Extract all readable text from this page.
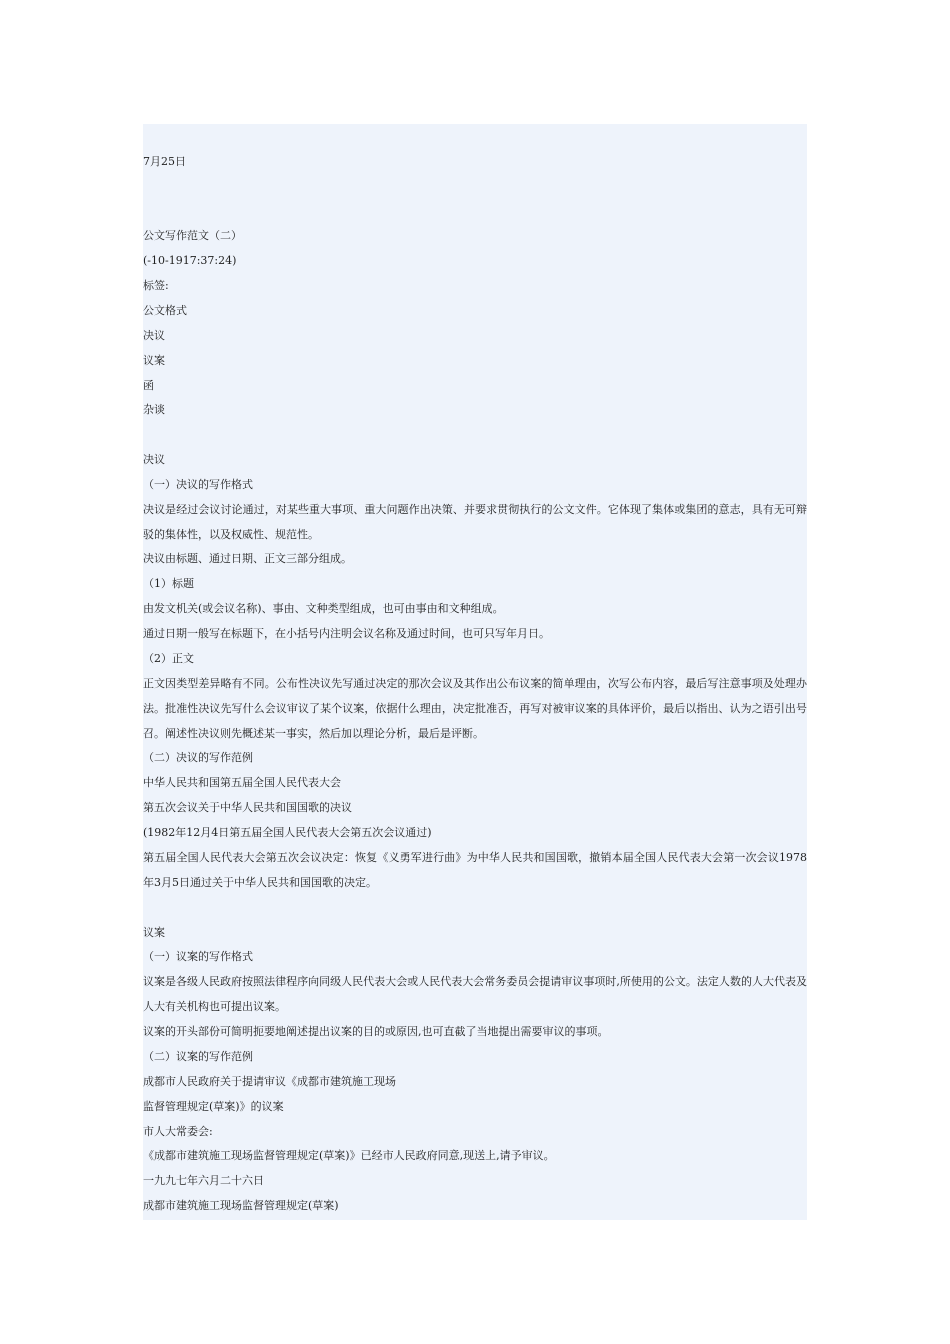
7月25日
公文写作范文（二）
(-10-1917:37:24)
标签:
公文格式
决议
议案
函
杂谈
决议
（一）决议的写作格式
决议是经过会议讨论通过，对某些重大事项、重大问题作出决策、并要求贯彻执行的公文文件。它体现了集体或集团的意志，具有无可辩驳的集体性，以及权威性、规范性。
决议由标题、通过日期、正文三部分组成。
（1）标题
由发文机关(或会议名称)、事由、文种类型组成，也可由事由和文种组成。
通过日期一般写在标题下，在小括号内注明会议名称及通过时间，也可只写年月日。
（2）正文
正文因类型差异略有不同。公布性决议先写通过决定的那次会议及其作出公布议案的简单理由，次写公布内容，最后写注意事项及处理办法。批准性决议先写什么会议审议了某个议案，依据什么理由，决定批准否，再写对被审议案的具体评价，最后以指出、认为之语引出号召。阐述性决议则先概述某一事实，然后加以理论分析，最后是评断。
（二）决议的写作范例
中华人民共和国第五届全国人民代表大会
第五次会议关于中华人民共和国国歌的决议
(1982年12月4日第五届全国人民代表大会第五次会议通过)
第五届全国人民代表大会第五次会议决定：恢复《义勇军进行曲》为中华人民共和国国歌，撤销本届全国人民代表大会第一次会议1978年3月5日通过关于中华人民共和国国歌的决定。
议案
（一）议案的写作格式
议案是各级人民政府按照法律程序向同级人民代表大会或人民代表大会常务委员会提请审议事项时,所使用的公文。法定人数的人大代表及人大有关机构也可提出议案。
议案的开头部份可简明扼要地阐述提出议案的目的或原因,也可直截了当地提出需要审议的事项。
（二）议案的写作范例
成都市人民政府关于提请审议《成都市建筑施工现场
监督管理规定(草案)》的议案
市人大常委会:
《成都市建筑施工现场监督管理规定(草案)》已经市人民政府同意,现送上,请予审议。
一九九七年六月二十六日
成都市建筑施工现场监督管理规定(草案)
